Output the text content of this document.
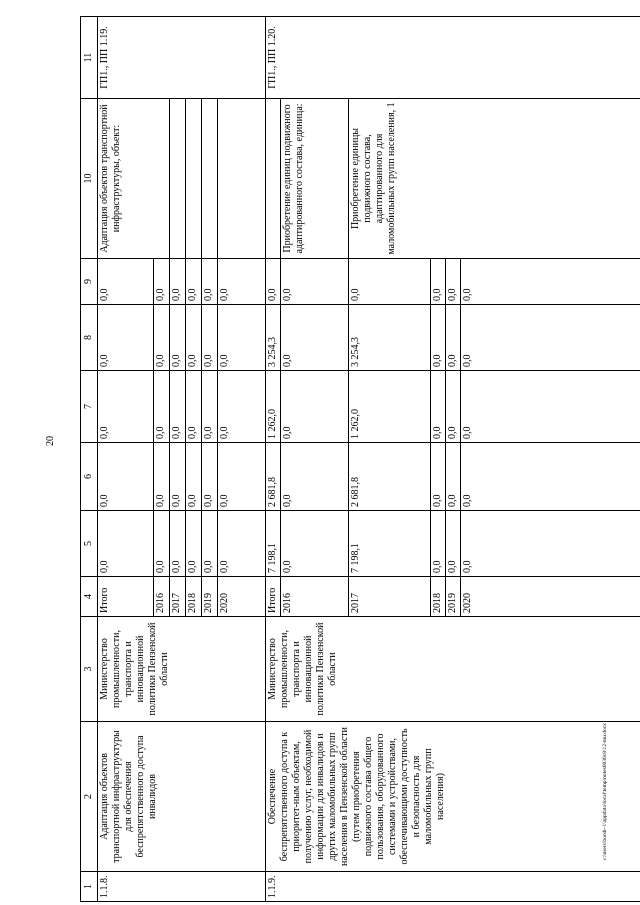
20
1	2	3	4	5	6	7	8	9	10	11
1.1.8.	Адаптация объектов транспортной инфраструктуры для обеспечения беспрепятственного доступа инвалидов	Министерство промышленности, транспорта и инновационной политики Пензенской области	Итого	0,0	0,0	0,0	0,0	0,0	Адаптация объектов транспортной инфраструктуры, объект:	ГП1., ПП 1.19.
			2016	0,0	0,0	0,0	0,0	0,0		
			2017	0,0	0,0	0,0	0,0	0,0		
			2018	0,0	0,0	0,0	0,0	0,0		
			2019	0,0	0,0	0,0	0,0	0,0		
			2020	0,0	0,0	0,0	0,0	0,0		
1.1.9.	Обеспечение беспрепятственного доступа к приоритет-ным объектам, получению услуг, необходимой информации для инвалидов и других маломобильных групп населения в Пензенской области (путем приобретения подвижного состава общего пользования, оборудованного системами и устройствами, обеспечивающими доступность и безопасность для маломобильных групп населения)	Министерство промышленности, транспорта и инновационной политики Пензенской области	Итого	7 198,1	2 681,8	1 262,0	3 254,3	0,0		ГП1., ПП 1.20.
			2016	0,0	0,0	0,0	0,0	0,0	Приобретение единиц подвижного адаптированного состава, единица:	
			2017	7 198,1	2 681,8	1 262,0	3 254,3	0,0	Приобретение единицы подвижного состава, адаптированного для маломобильных групп населения, 1	
			2018	0,0	0,0	0,0	0,0	0,0		
			2019	0,0	0,0	0,0	0,0	0,0		
			2020	0,0	0,0	0,0	0,0	0,0		
c:\users\borsh~1\appdata\local\temp\notes6030c8\12-mu.docx
